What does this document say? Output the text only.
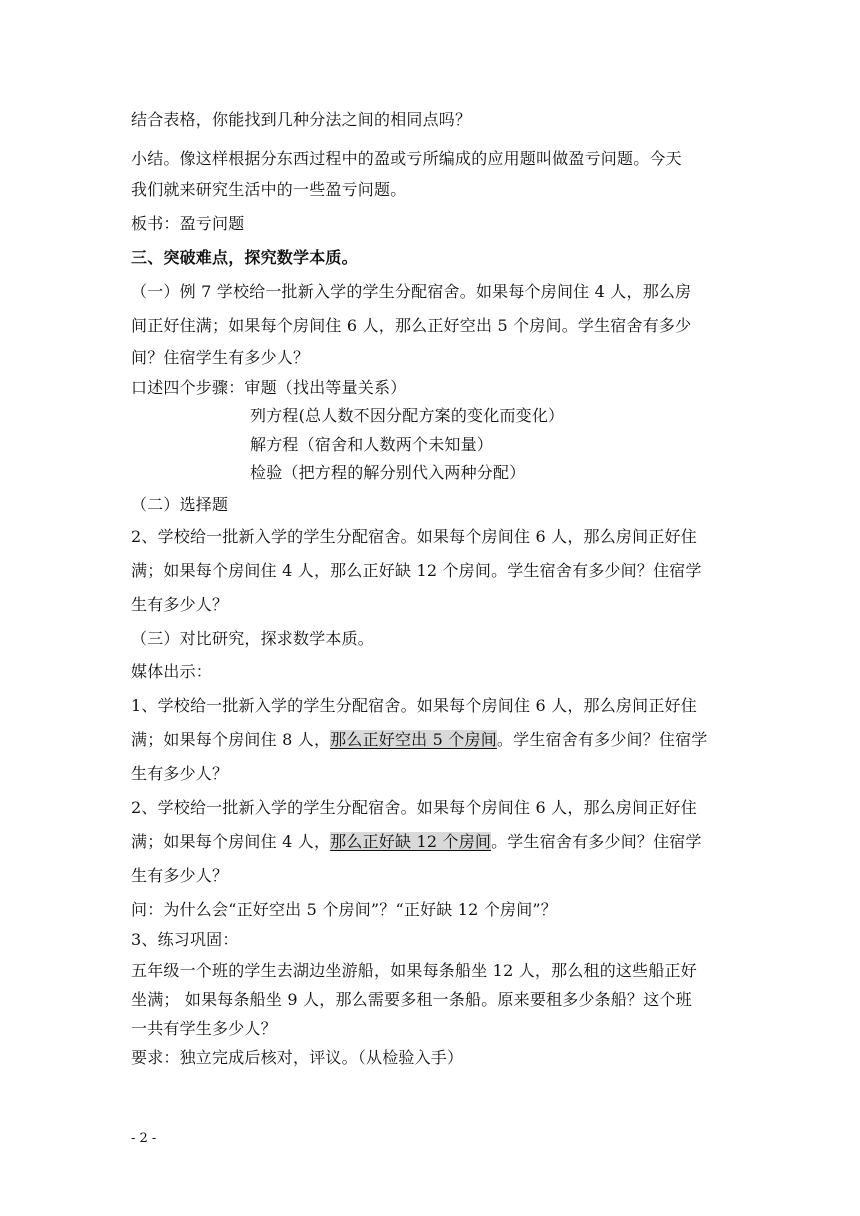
结合表格，你能找到几种分法之间的相同点吗？
小结。像这样根据分东西过程中的盈或亏所编成的应用题叫做盈亏问题。今天
我们就来研究生活中的一些盈亏问题。
板书：盈亏问题
三、突破难点，探究数学本质。
（一）例 7 学校给一批新入学的学生分配宿舍。如果每个房间住 4 人，那么房
间正好住满；如果每个房间住 6 人，那么正好空出 5 个房间。学生宿舍有多少
间？住宿学生有多少人？
口述四个步骤：审题（找出等量关系）
列方程(总人数不因分配方案的变化而变化）
解方程（宿舍和人数两个未知量）
检验（把方程的解分别代入两种分配）
（二）选择题
2、学校给一批新入学的学生分配宿舍。如果每个房间住 6 人，那么房间正好住
满；如果每个房间住 4 人，那么正好缺 12 个房间。学生宿舍有多少间？住宿学
生有多少人？
（三）对比研究，探求数学本质。
媒体出示：
1、学校给一批新入学的学生分配宿舍。如果每个房间住 6 人，那么房间正好住
满；如果每个房间住 8 人，那么正好空出 5 个房间。学生宿舍有多少间？住宿学
生有多少人？
2、学校给一批新入学的学生分配宿舍。如果每个房间住 6 人，那么房间正好住
满；如果每个房间住 4 人，那么正好缺 12 个房间。学生宿舍有多少间？住宿学
生有多少人？
问：为什么会“正好空出 5 个房间”？“正好缺 12 个房间”？
3、练习巩固：
五年级一个班的学生去湖边坐游船，如果每条船坐 12 人，那么租的这些船正好
坐满； 如果每条船坐 9 人，那么需要多租一条船。原来要租多少条船？这个班
一共有学生多少人？
要求：独立完成后核对，评议。（从检验入手）
- 2 -
